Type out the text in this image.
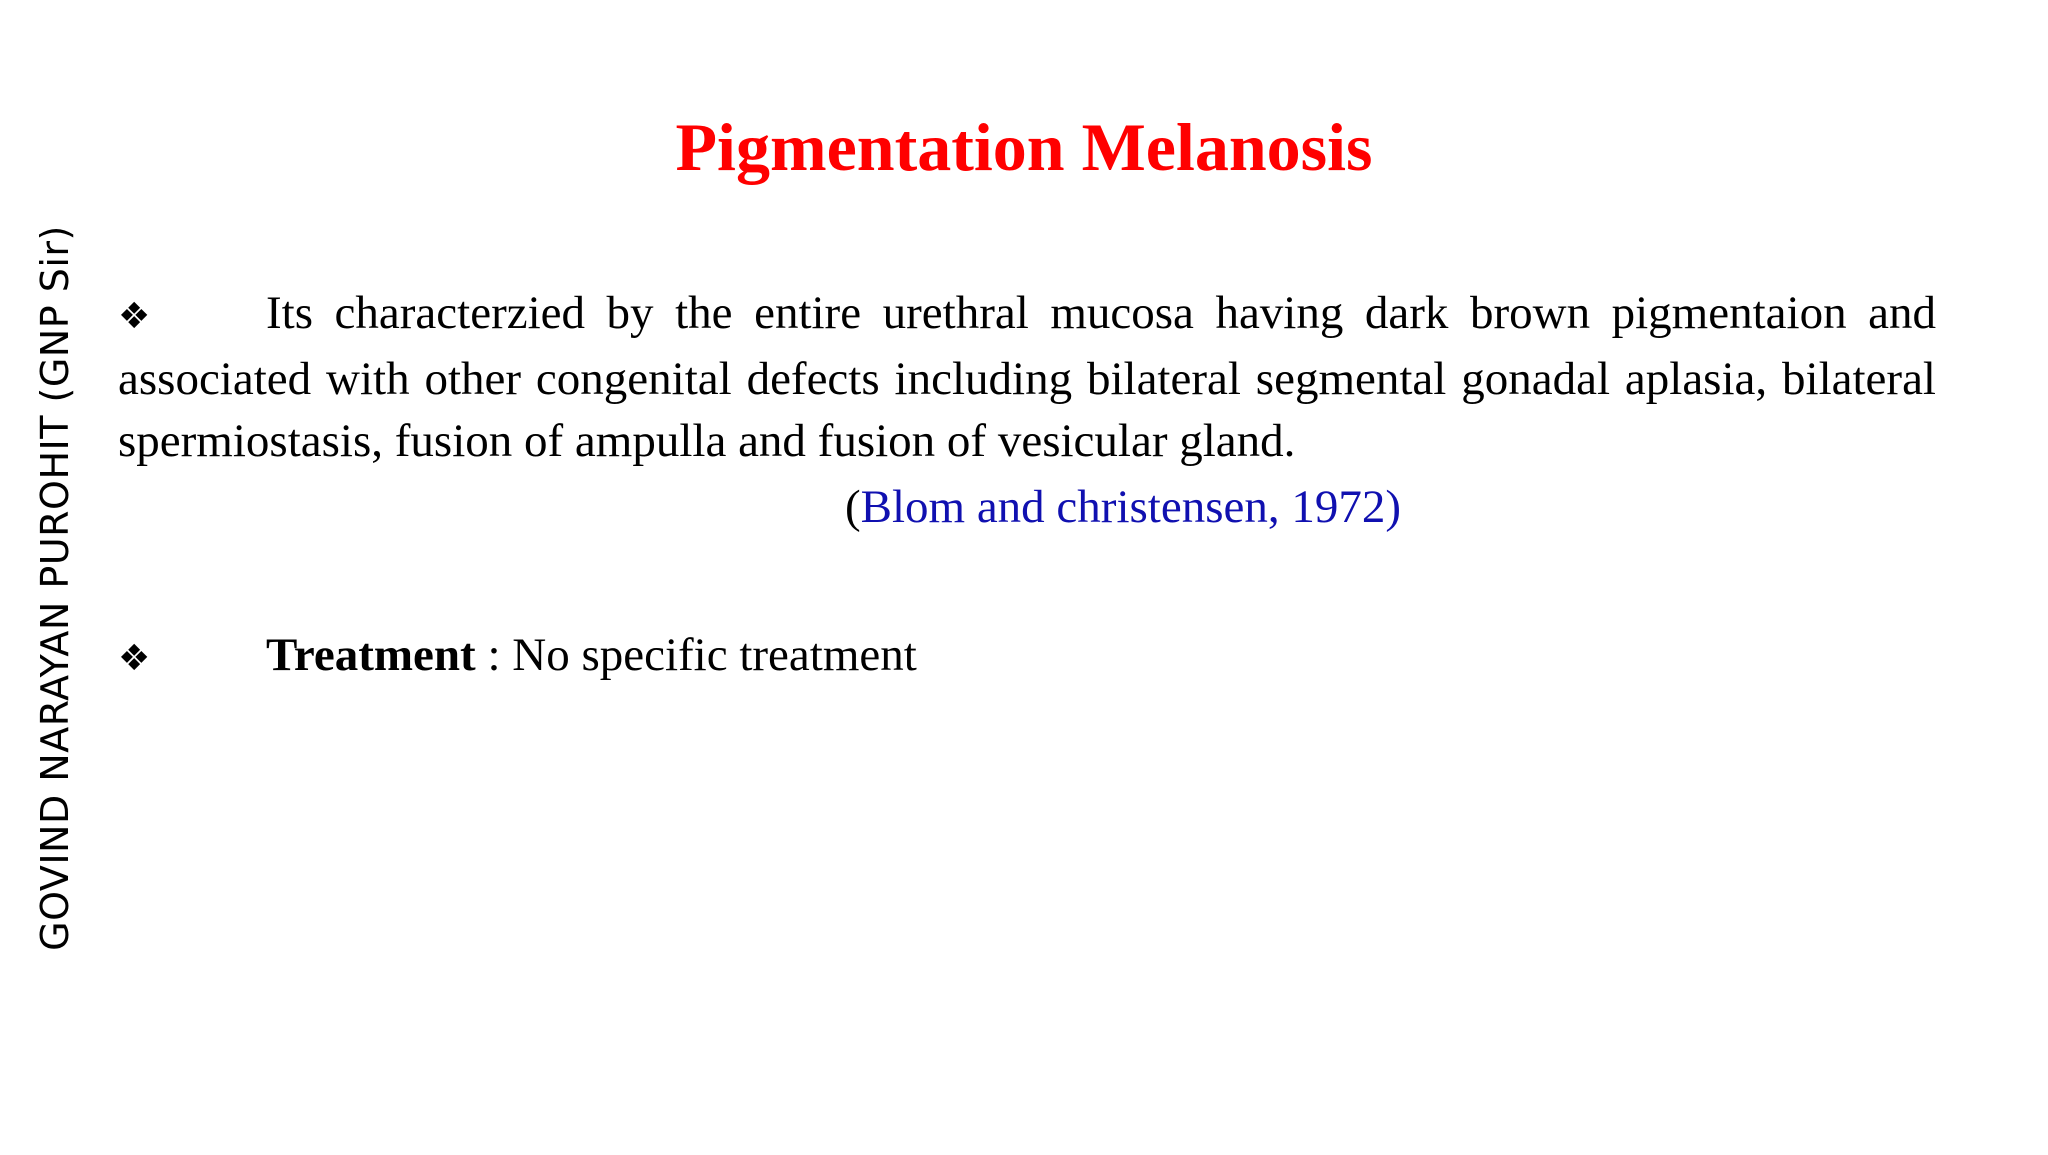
GOVIND NARAYAN PUROHIT (GNP Sir)
Pigmentation Melanosis
❖ Its characterzied by the entire urethral mucosa having dark brown pigmentaion and associated with other congenital defects including bilateral segmental gonadal aplasia, bilateral spermiostasis, fusion of ampulla and fusion of vesicular gland.
(Blom and christensen, 1972)
❖ Treatment : No specific treatment
